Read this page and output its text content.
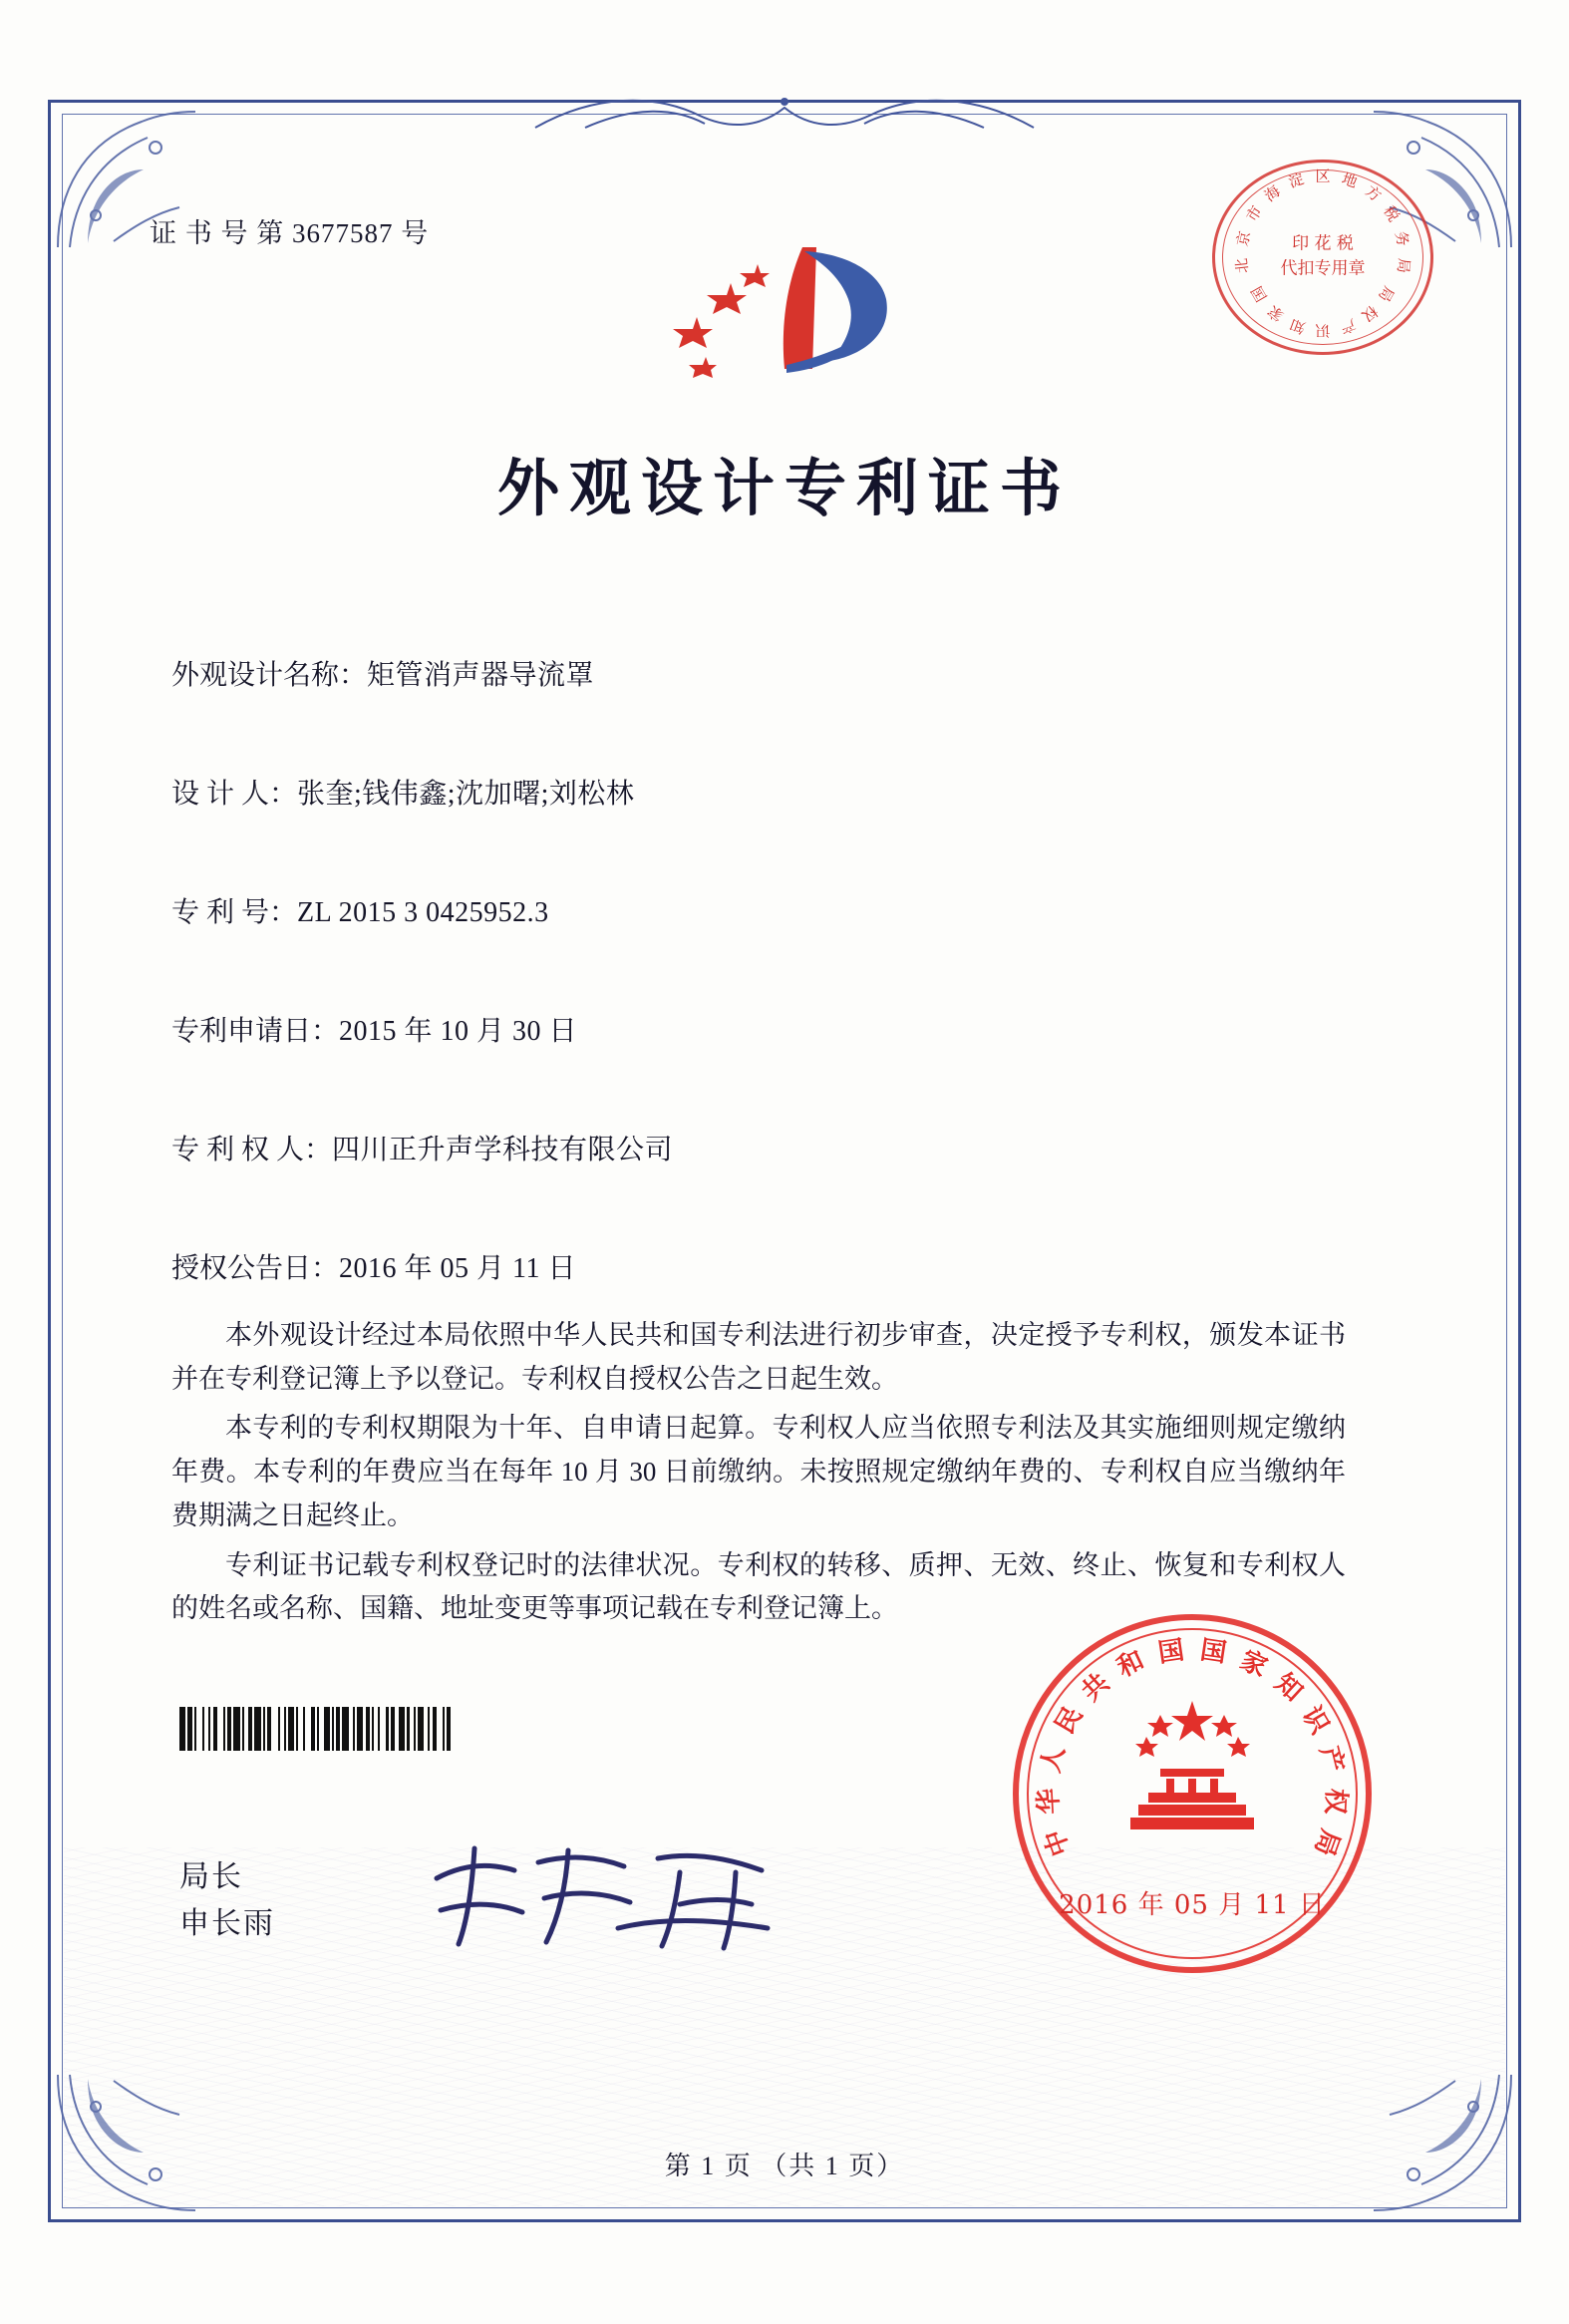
证 书 号 第 3677587 号
北
京
市
海
淀 区 地
方
税
务
局
国
家
知 识 产
权
局
印 花 税
代扣专用章
外观设计专利证书
外观设计名称：矩管消声器导流罩
设 计 人：张奎;钱伟鑫;沈加曙;刘松林
专 利 号：ZL 2015 3 0425952.3
专利申请日：2015 年 10 月 30 日
专 利 权 人：四川正升声学科技有限公司
授权公告日：2016 年 05 月 11 日

本外观设计经过本局依照中华人民共和国专利法进行初步审查，决定授予专利权，颁发本证书并在专利登记簿上予以登记。专利权自授权公告之日起生效。

本专利的专利权期限为十年、自申请日起算。专利权人应当依照专利法及其实施细则规定缴纳年费。本专利的年费应当在每年 10 月 30 日前缴纳。未按照规定缴纳年费的、专利权自应当缴纳年费期满之日起终止。

专利证书记载专利权登记时的法律状况。专利权的转移、质押、无效、终止、恢复和专利权人的姓名或名称、国籍、地址变更等事项记载在专利登记簿上。

局长
申长雨
中
华
人
民
共
和 国 国 家
知
识
产
权
局
2016 年 05 月 11 日
第 1 页 （共 1 页）
